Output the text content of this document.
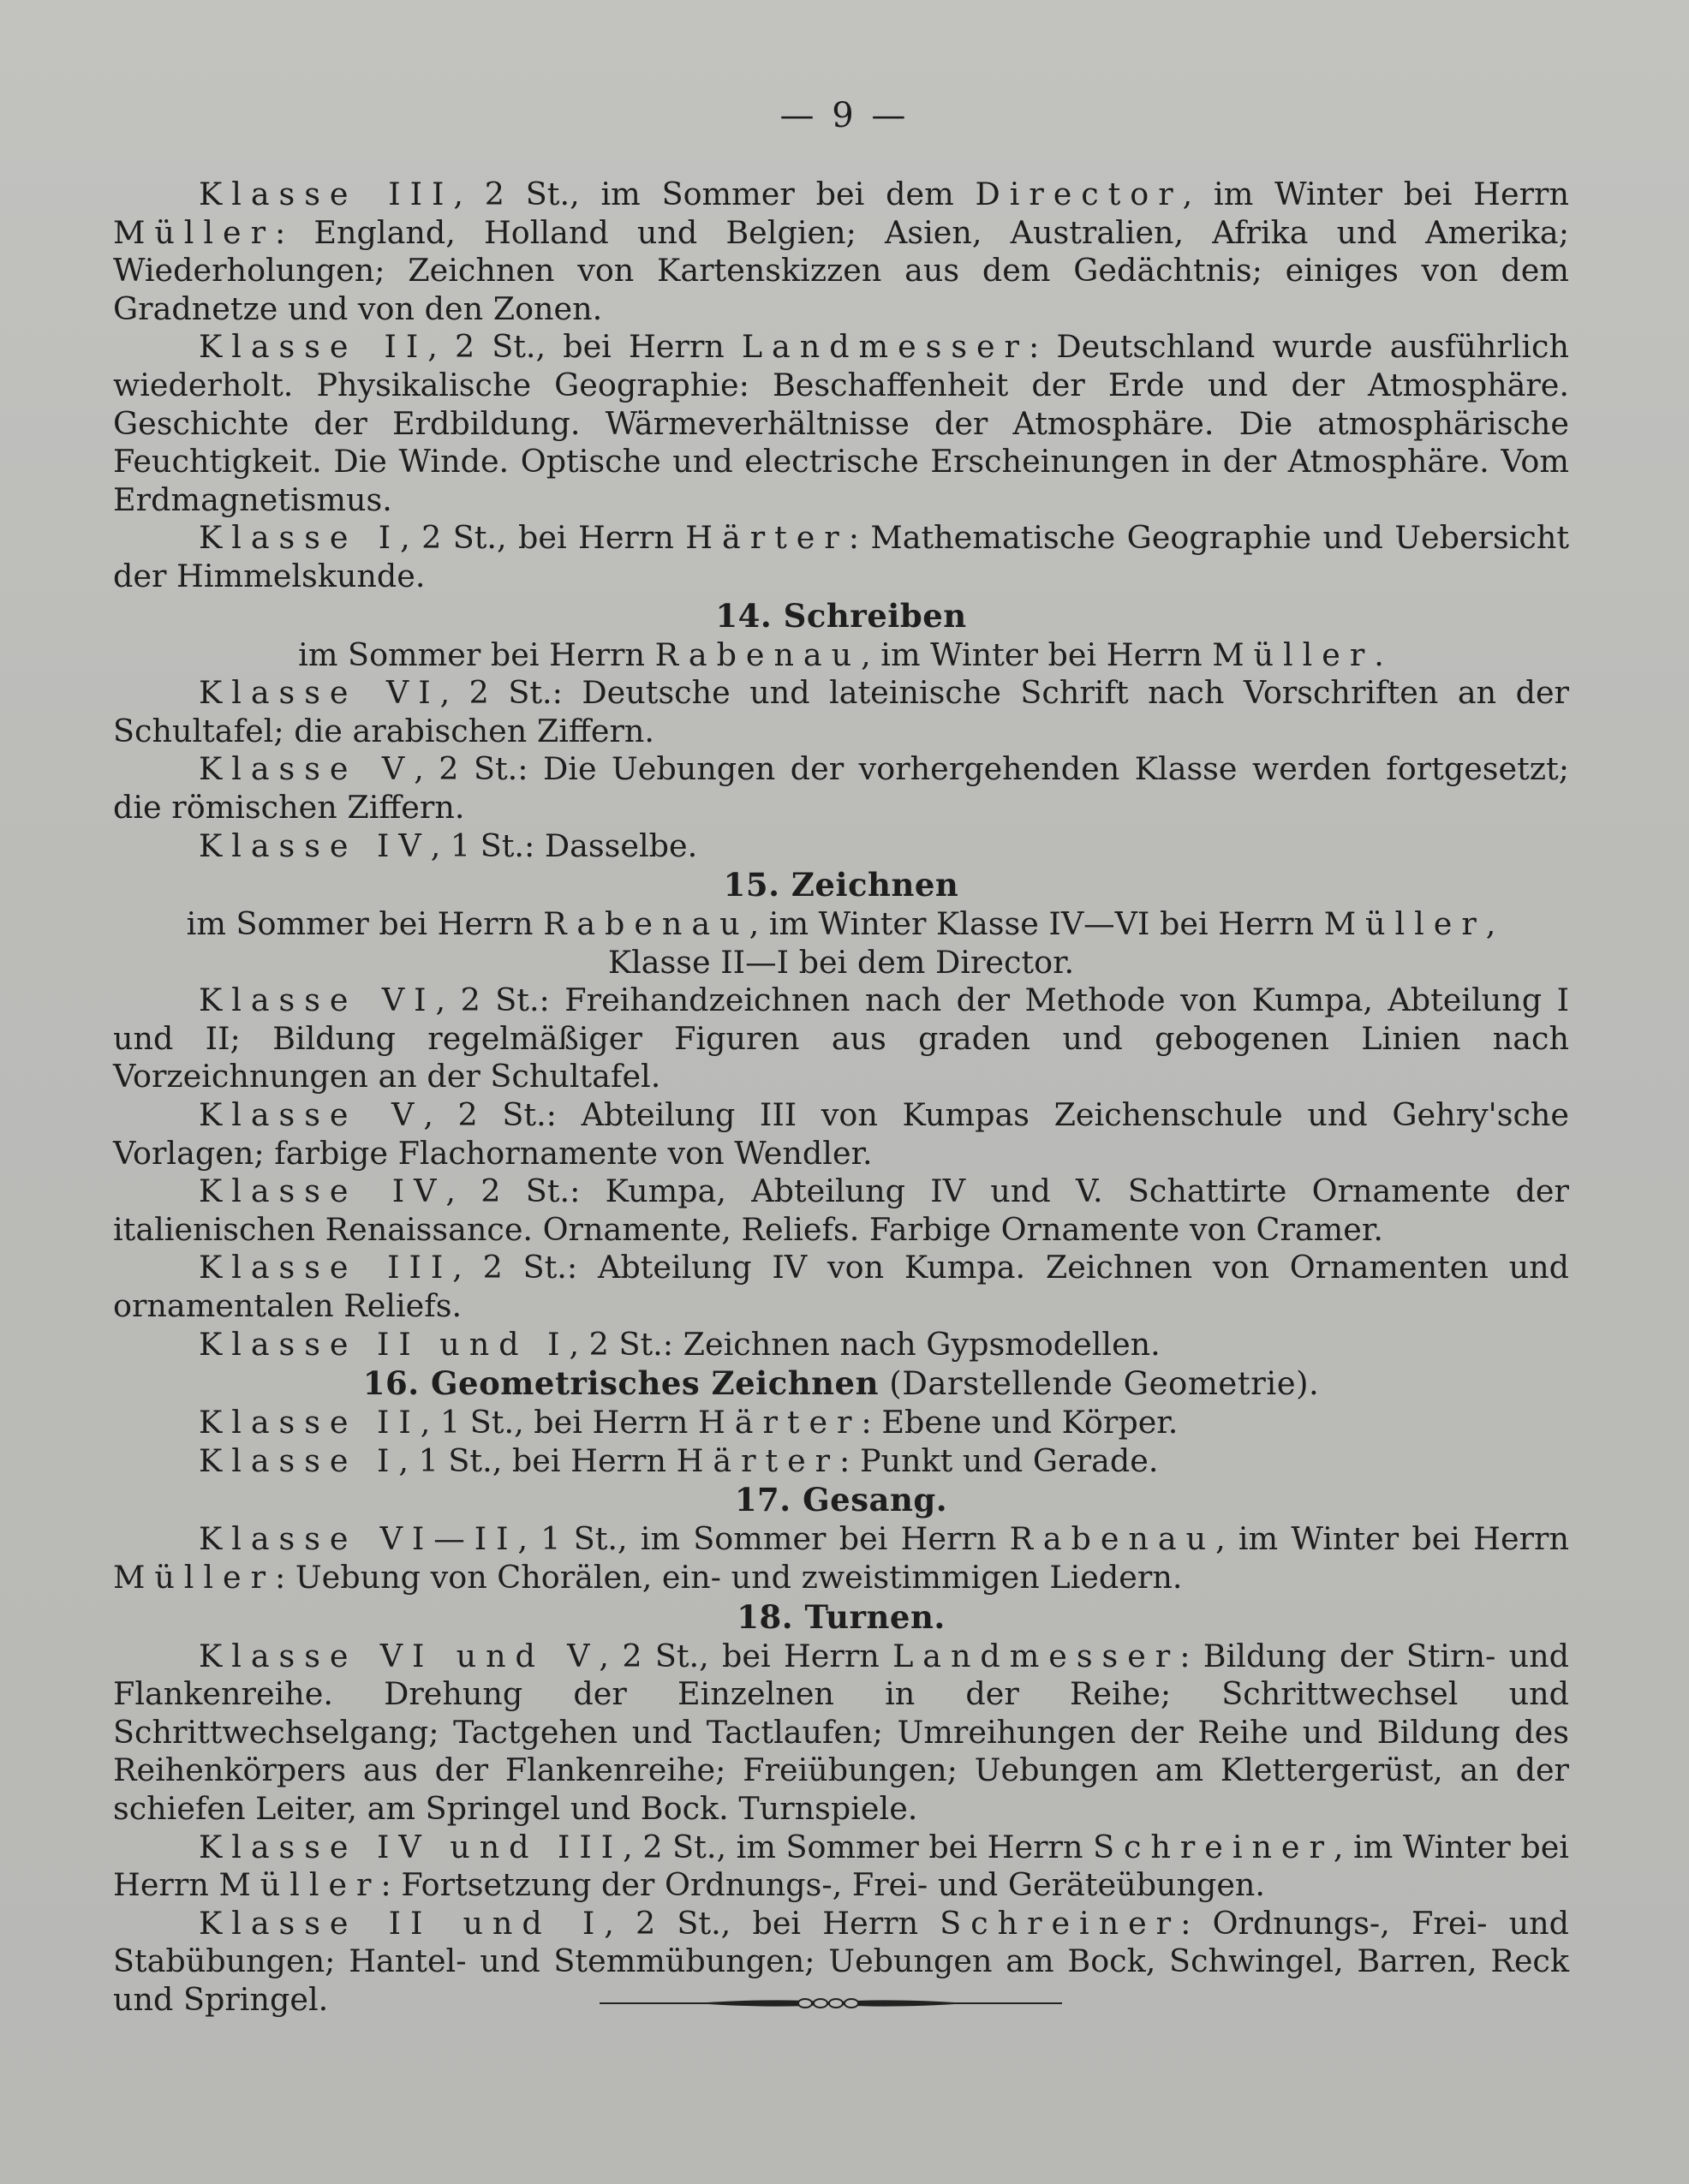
— 9 —

Klasse III, 2 St., im Sommer bei dem Director, im Winter bei Herrn Müller: England, Holland und Belgien; Asien, Australien, Afrika und Amerika; Wiederholungen; Zeichnen von Kartenskizzen aus dem Gedächtnis; einiges von dem Gradnetze und von den Zonen.

Klasse II, 2 St., bei Herrn Landmesser: Deutschland wurde ausführlich wiederholt. Physikalische Geographie: Beschaffenheit der Erde und der Atmosphäre. Geschichte der Erdbildung. Wärmeverhältnisse der Atmosphäre. Die atmosphärische Feuchtigkeit. Die Winde. Optische und electrische Erscheinungen in der Atmosphäre. Vom Erdmagnetismus.

Klasse I, 2 St., bei Herrn Härter: Mathematische Geographie und Uebersicht der Himmelskunde.

14. Schreiben

im Sommer bei Herrn Rabenau, im Winter bei Herrn Müller.

Klasse VI, 2 St.: Deutsche und lateinische Schrift nach Vorschriften an der Schultafel; die arabischen Ziffern.

Klasse V, 2 St.: Die Uebungen der vorhergehenden Klasse werden fortgesetzt; die römischen Ziffern.

Klasse IV, 1 St.: Dasselbe.

15. Zeichnen

im Sommer bei Herrn Rabenau, im Winter Klasse IV—VI bei Herrn Müller,

Klasse II—I bei dem Director.

Klasse VI, 2 St.: Freihandzeichnen nach der Methode von Kumpa, Abteilung I und II; Bildung regelmäßiger Figuren aus graden und gebogenen Linien nach Vorzeichnungen an der Schultafel.

Klasse V, 2 St.: Abteilung III von Kumpas Zeichenschule und Gehry'sche Vorlagen; farbige Flachornamente von Wendler.

Klasse IV, 2 St.: Kumpa, Abteilung IV und V. Schattirte Ornamente der italienischen Renaissance. Ornamente, Reliefs. Farbige Ornamente von Cramer.

Klasse III, 2 St.: Abteilung IV von Kumpa. Zeichnen von Ornamenten und ornamentalen Reliefs.

Klasse II und I, 2 St.: Zeichnen nach Gypsmodellen.

16. Geometrisches Zeichnen (Darstellende Geometrie).

Klasse II, 1 St., bei Herrn Härter: Ebene und Körper.

Klasse I, 1 St., bei Herrn Härter: Punkt und Gerade.

17. Gesang.

Klasse VI—II, 1 St., im Sommer bei Herrn Rabenau, im Winter bei Herrn Müller: Uebung von Chorälen, ein- und zweistimmigen Liedern.

18. Turnen.

Klasse VI und V, 2 St., bei Herrn Landmesser: Bildung der Stirn- und Flankenreihe. Drehung der Einzelnen in der Reihe; Schrittwechsel und Schrittwechselgang; Tactgehen und Tactlaufen; Umreihungen der Reihe und Bildung des Reihenkörpers aus der Flankenreihe; Freiübungen; Uebungen am Klettergerüst, an der schiefen Leiter, am Springel und Bock. Turnspiele.

Klasse IV und III, 2 St., im Sommer bei Herrn Schreiner, im Winter bei Herrn Müller: Fortsetzung der Ordnungs-, Frei- und Geräteübungen.

Klasse II und I, 2 St., bei Herrn Schreiner: Ordnungs-, Frei- und Stabübungen; Hantel- und Stemmübungen; Uebungen am Bock, Schwingel, Barren, Reck und Springel.
